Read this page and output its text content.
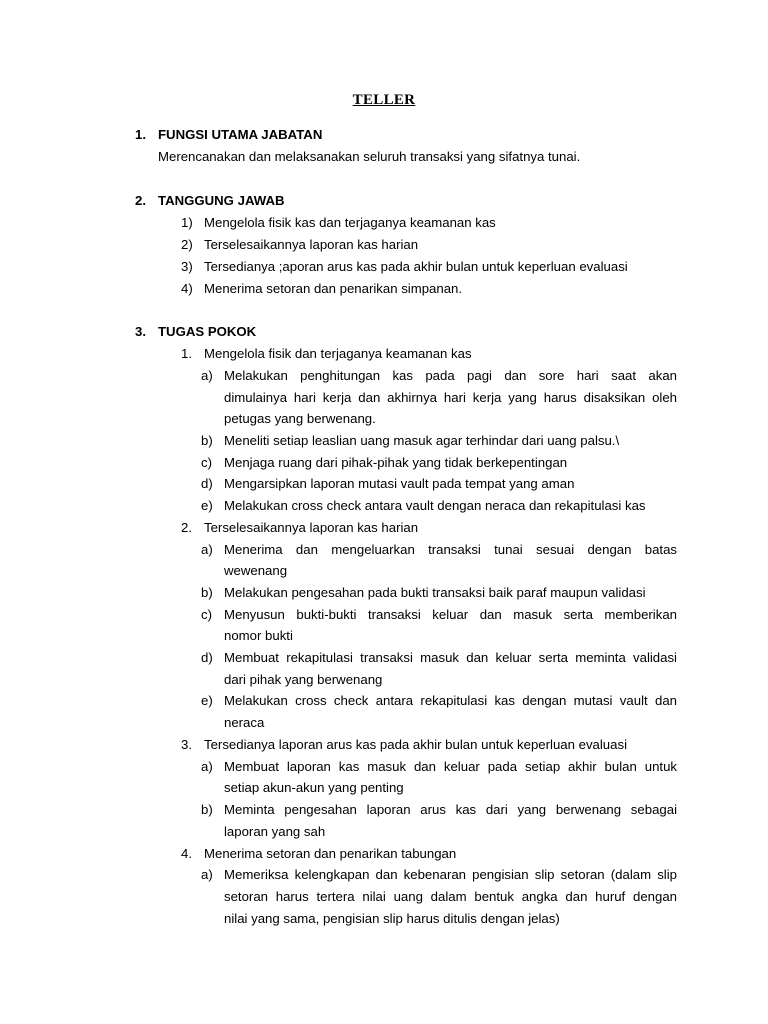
TELLER
1. FUNGSI UTAMA JABATAN
Merencanakan dan melaksanakan seluruh transaksi yang sifatnya tunai.
2. TANGGUNG JAWAB
1) Mengelola fisik kas dan terjaganya keamanan kas
2) Terselesaikannya laporan kas harian
3) Tersedianya ;aporan arus kas pada akhir bulan untuk keperluan evaluasi
4) Menerima setoran dan penarikan simpanan.
3. TUGAS POKOK
1. Mengelola fisik dan terjaganya keamanan kas
a) Melakukan penghitungan kas pada pagi dan sore hari saat akan
dimulainya hari kerja dan akhirnya hari kerja yang harus disaksikan oleh
petugas yang berwenang.
b) Meneliti setiap leaslian uang masuk agar terhindar dari uang palsu.\
c) Menjaga ruang dari pihak-pihak yang tidak berkepentingan
d) Mengarsipkan laporan mutasi vault pada tempat yang aman
e) Melakukan cross check antara vault dengan neraca dan rekapitulasi kas
2. Terselesaikannya laporan kas harian
a) Menerima dan mengeluarkan transaksi tunai sesuai dengan batas
wewenang
b) Melakukan pengesahan pada bukti transaksi baik paraf maupun validasi
c) Menyusun bukti-bukti transaksi keluar dan masuk serta memberikan
nomor bukti
d) Membuat rekapitulasi transaksi masuk dan keluar serta meminta validasi
dari pihak yang berwenang
e) Melakukan cross check antara rekapitulasi kas dengan mutasi vault dan
neraca
3. Tersedianya laporan arus kas pada akhir bulan untuk keperluan evaluasi
a) Membuat laporan kas masuk dan keluar pada setiap akhir bulan untuk
setiap akun-akun yang penting
b) Meminta pengesahan laporan arus kas dari yang berwenang sebagai
laporan yang sah
4. Menerima setoran dan penarikan tabungan
a) Memeriksa kelengkapan dan kebenaran pengisian slip setoran (dalam slip
setoran harus tertera nilai uang dalam bentuk angka dan huruf dengan
nilai yang sama, pengisian slip harus ditulis dengan jelas)
